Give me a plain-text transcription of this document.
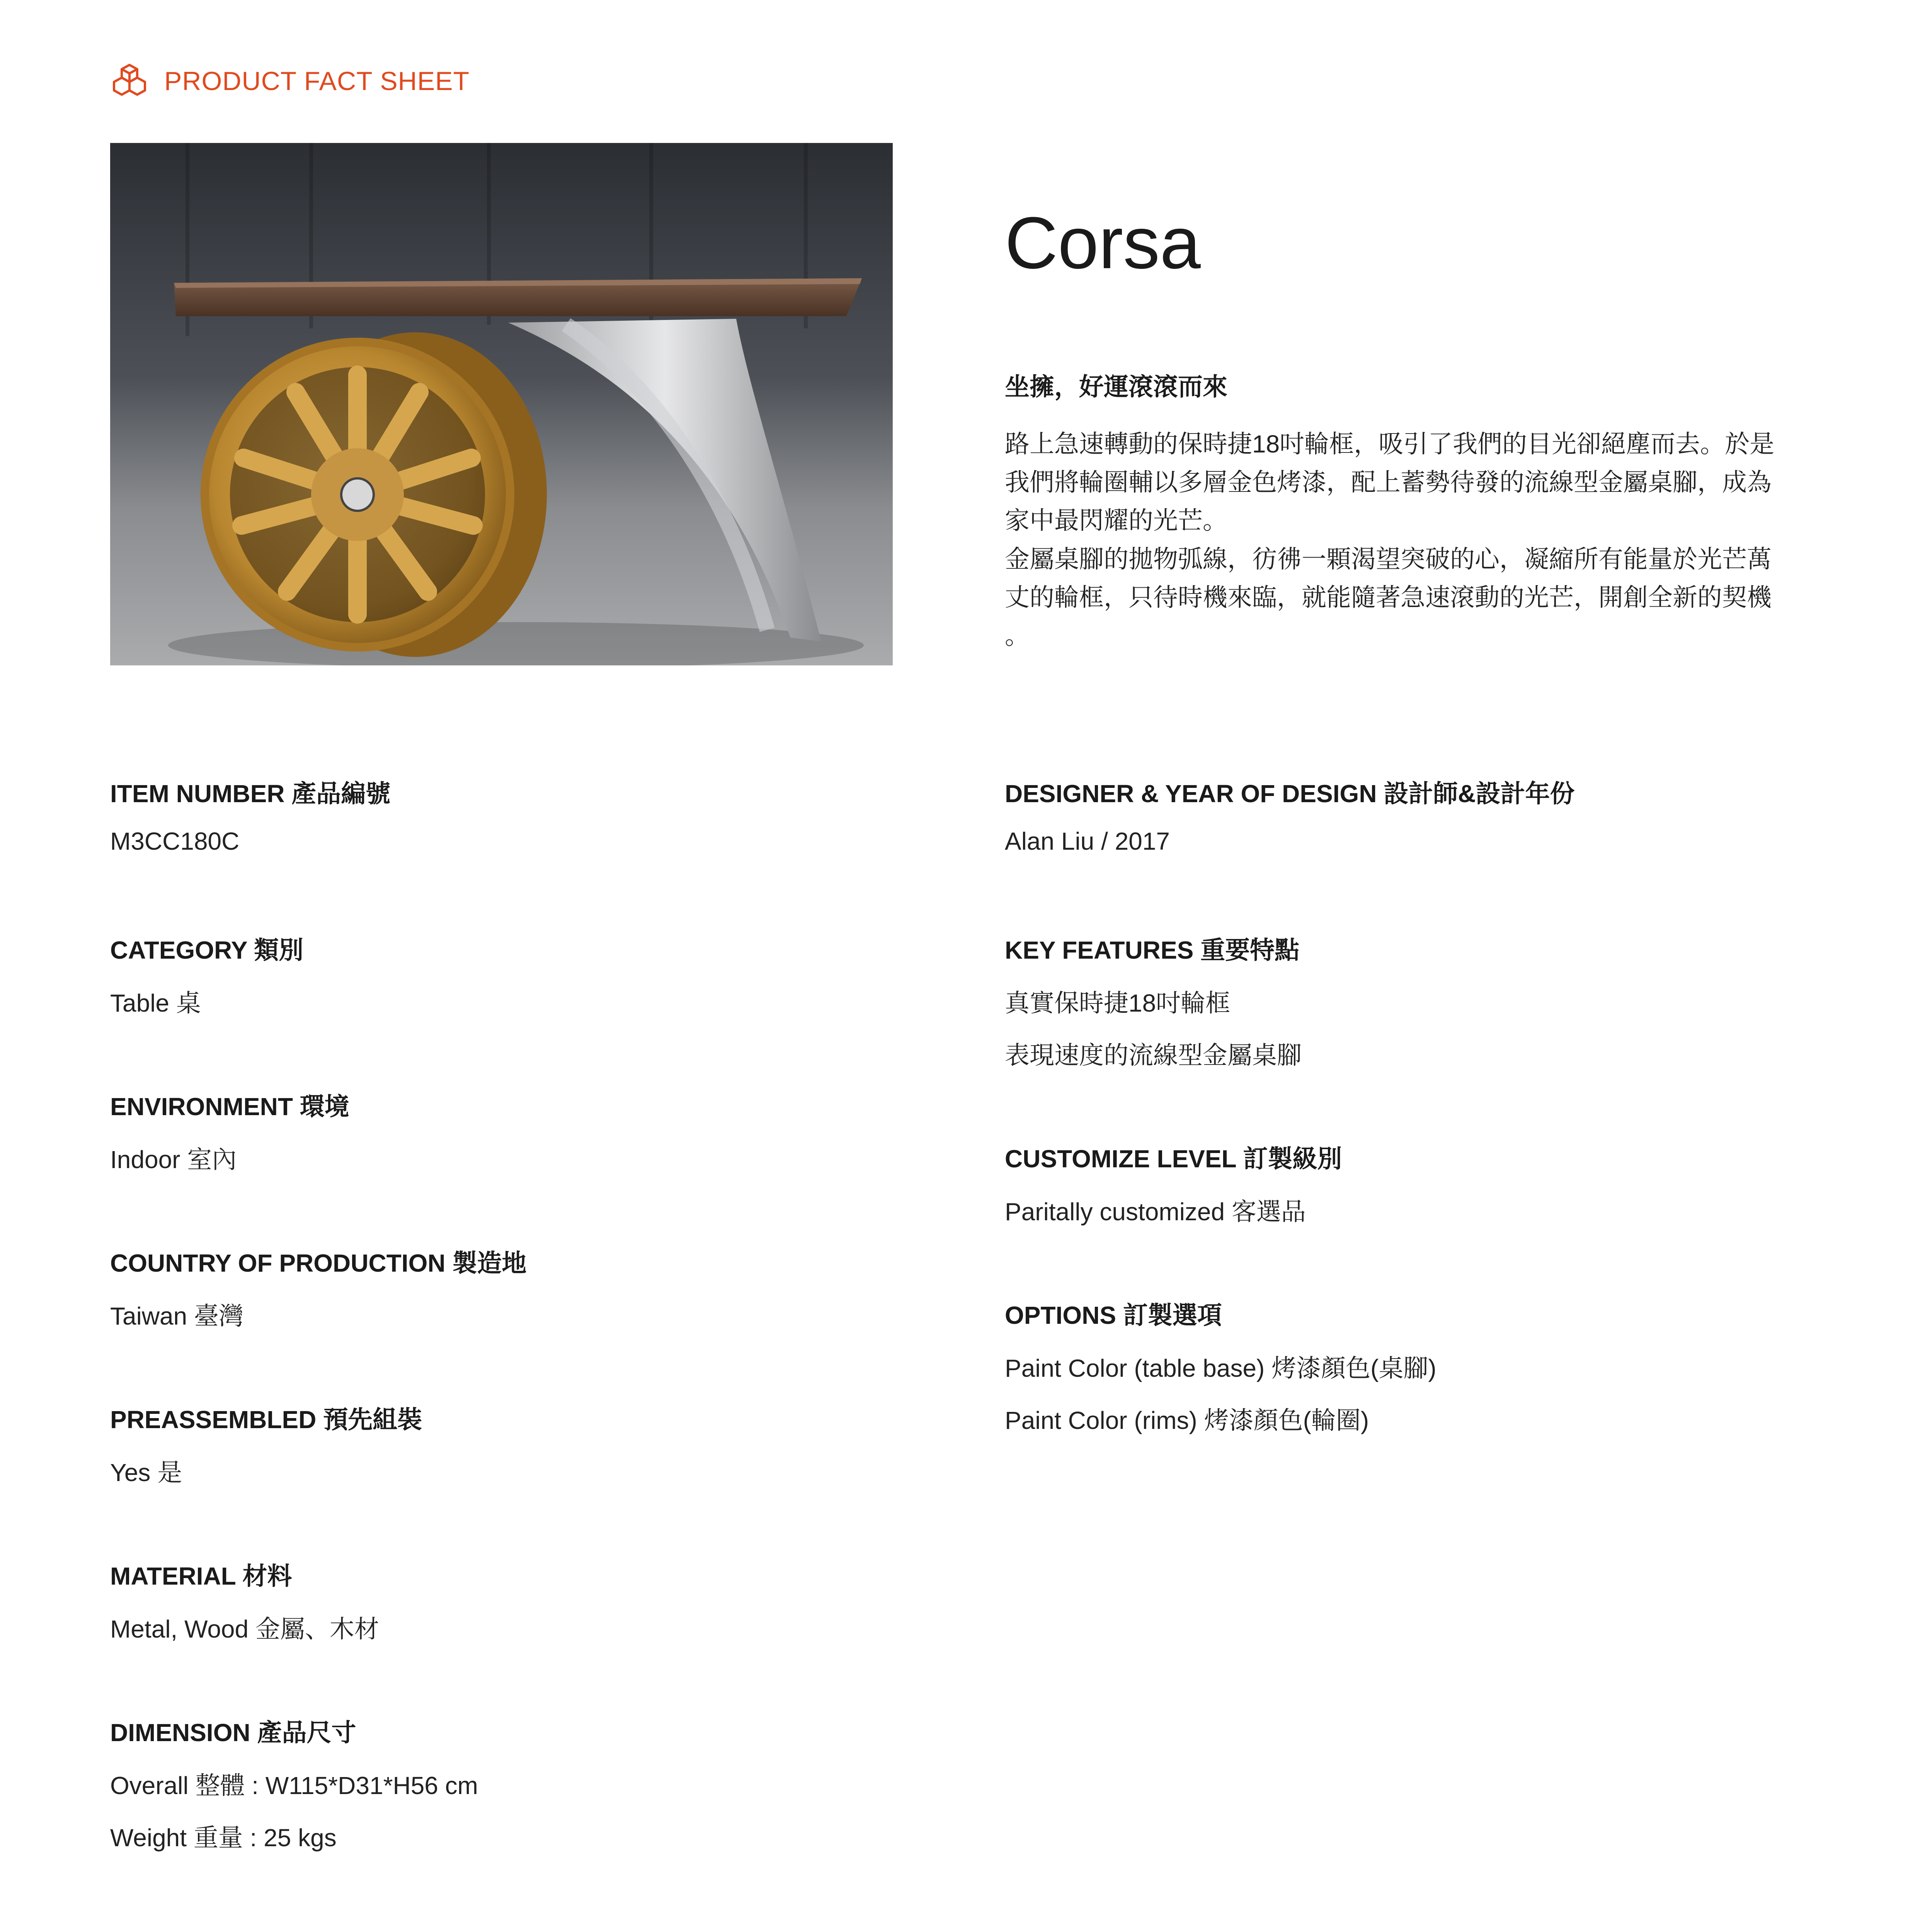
PRODUCT FACT SHEET
Corsa
坐擁，好運滾滾而來

路上急速轉動的保時捷18吋輪框，吸引了我們的目光卻絕塵而去。於是

我們將輪圈輔以多層金色烤漆，配上蓄勢待發的流線型金屬桌腳，成為

家中最閃耀的光芒。

金屬桌腳的拋物弧線，彷彿一顆渴望突破的心，凝縮所有能量於光芒萬

丈的輪框，只待時機來臨，就能隨著急速滾動的光芒，開創全新的契機

。

ITEM NUMBER 產品編號
M3CC180C
CATEGORY 類別
Table 桌
ENVIRONMENT 環境
Indoor 室內
COUNTRY OF PRODUCTION 製造地
Taiwan 臺灣
PREASSEMBLED 預先組裝
Yes 是
MATERIAL 材料
Metal, Wood 金屬、木材
DIMENSION 產品尺寸
Overall 整體 : W115*D31*H56 cm
Weight 重量 : 25 kgs
DESIGNER & YEAR OF DESIGN 設計師&設計年份
Alan Liu / 2017
KEY FEATURES 重要特點
真實保時捷18吋輪框
表現速度的流線型金屬桌腳
CUSTOMIZE LEVEL 訂製級別
Paritally customized 客選品
OPTIONS 訂製選項
Paint Color (table base) 烤漆顏色(桌腳)
Paint Color (rims) 烤漆顏色(輪圈)
